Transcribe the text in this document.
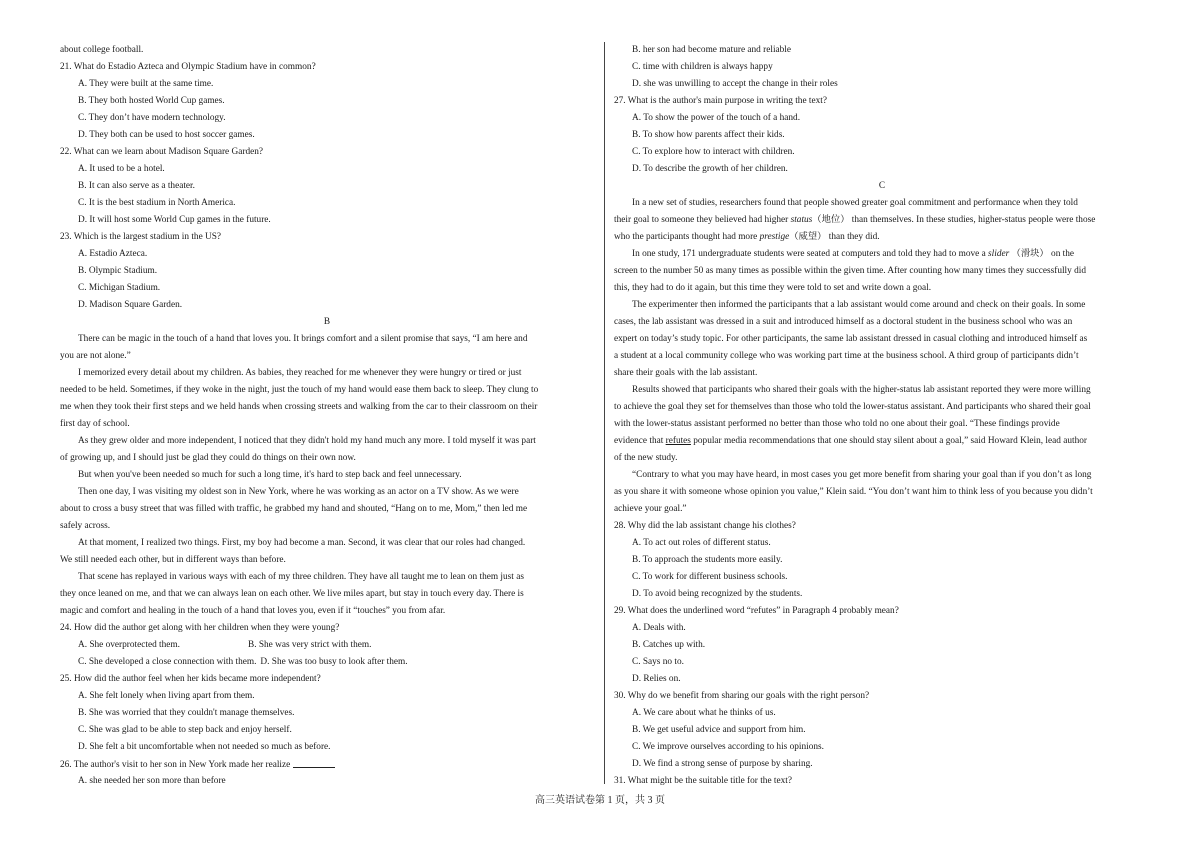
about college football.
21. What do Estadio Azteca and Olympic Stadium have in common?
A. They were built at the same time.
B. They both hosted World Cup games.
C. They don’t have modern technology.
D. They both can be used to host soccer games.
22. What can we learn about Madison Square Garden?
A. It used to be a hotel.
B. It can also serve as a theater.
C. It is the best stadium in North America.
D. It will host some World Cup games in the future.
23. Which is the largest stadium in the US?
A. Estadio Azteca.
B. Olympic Stadium.
C. Michigan Stadium.
D. Madison Square Garden.
B
There can be magic in the touch of a hand that loves you. It brings comfort and a silent promise that says, “I am here and
you are not alone.”
I memorized every detail about my children. As babies, they reached for me whenever they were hungry or tired or just
needed to be held. Sometimes, if they woke in the night, just the touch of my hand would ease them back to sleep. They clung to
me when they took their first steps and we held hands when crossing streets and walking from the car to their classroom on their
first day of school.
As they grew older and more independent, I noticed that they didn't hold my hand much any more. I told myself it was part
of growing up, and I should just be glad they could do things on their own now.
But when you've been needed so much for such a long time, it's hard to step back and feel unnecessary.
Then one day, I was visiting my oldest son in New York, where he was working as an actor on a TV show. As we were
about to cross a busy street that was filled with traffic, he grabbed my hand and shouted, “Hang on to me, Mom,” then led me
safely across.
At that moment, I realized two things. First, my boy had become a man. Second, it was clear that our roles had changed.
We still needed each other, but in different ways than before.
That scene has replayed in various ways with each of my three children. They have all taught me to lean on them just as
they once leaned on me, and that we can always lean on each other. We live miles apart, but stay in touch every day. There is
magic and comfort and healing in the touch of a hand that loves you, even if it “touches” you from afar.
24. How did the author get along with her children when they were young?
A. She overprotected them.	B. She was very strict with them.
C. She developed a close connection with them. D. She was too busy to look after them.
25. How did the author feel when her kids became more independent?
A. She felt lonely when living apart from them.
B. She was worried that they couldn't manage themselves.
C. She was glad to be able to step back and enjoy herself.
D. She felt a bit uncomfortable when not needed so much as before.
26. The author's visit to her son in New York made her realize
A. she needed her son more than before
B. her son had become mature and reliable
C. time with children is always happy
D. she was unwilling to accept the change in their roles
27. What is the author's main purpose in writing the text?
A. To show the power of the touch of a hand.
B. To show how parents affect their kids.
C. To explore how to interact with children.
D. To describe the growth of her children.
C
In a new set of studies, researchers found that people showed greater goal commitment and performance when they told
their goal to someone they believed had higher status（地位） than themselves. In these studies, higher-status people were those
who the participants thought had more prestige（威望） than they did.
In one study, 171 undergraduate students were seated at computers and told they had to move a slider （滑块） on the
screen to the number 50 as many times as possible within the given time. After counting how many times they successfully did
this, they had to do it again, but this time they were told to set and write down a goal.
The experimenter then informed the participants that a lab assistant would come around and check on their goals. In some
cases, the lab assistant was dressed in a suit and introduced himself as a doctoral student in the business school who was an
expert on today’s study topic. For other participants, the same lab assistant dressed in casual clothing and introduced himself as
a student at a local community college who was working part time at the business school. A third group of participants didn’t
share their goals with the lab assistant.
Results showed that participants who shared their goals with the higher-status lab assistant reported they were more willing
to achieve the goal they set for themselves than those who told the lower-status assistant. And participants who shared their goal
with the lower-status assistant performed no better than those who told no one about their goal. “These findings provide
evidence that refutes popular media recommendations that one should stay silent about a goal,” said Howard Klein, lead author
of the new study.
“Contrary to what you may have heard, in most cases you get more benefit from sharing your goal than if you don’t as long
as you share it with someone whose opinion you value,” Klein said. “You don’t want him to think less of you because you didn’t
achieve your goal.”
28. Why did the lab assistant change his clothes?
A. To act out roles of different status.
B. To approach the students more easily.
C. To work for different business schools.
D. To avoid being recognized by the students.
29. What does the underlined word “refutes” in Paragraph 4 probably mean?
A. Deals with.
B. Catches up with.
C. Says no to.
D. Relies on.
30. Why do we benefit from sharing our goals with the right person?
A. We care about what he thinks of us.
B. We get useful advice and support from him.
C. We improve ourselves according to his opinions.
D. We find a strong sense of purpose by sharing.
31. What might be the suitable title for the text?
高三英语试卷第 1 页，共 3 页
